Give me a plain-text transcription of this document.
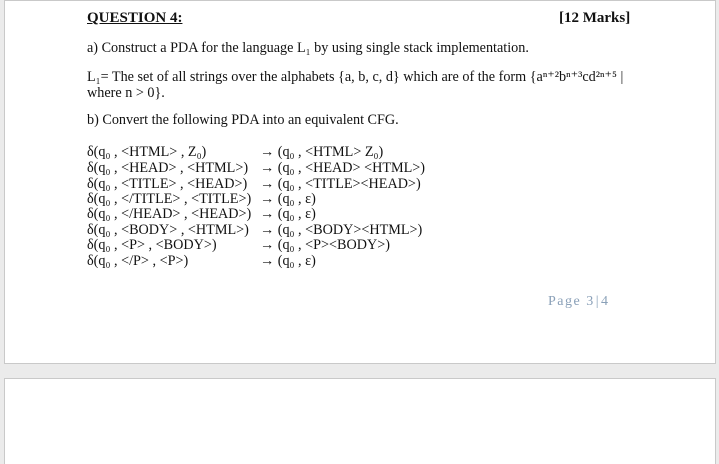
QUESTION 4:	[12 Marks]
a) Construct a PDA for the language L₁ by using single stack implementation.
L₁= The set of all strings over the alphabets {a, b, c, d} which are of the form {aⁿ⁺²bⁿ⁺³cd²ⁿ⁺⁵ |
where n > 0}.
b) Convert the following PDA into an equivalent CFG.
δ(q₀ , <HTML> , Z₀)	→ (q₀ , <HTML> Z₀)
δ(q₀ , <HEAD> , <HTML>) → (q₀ , <HEAD> <HTML>)
δ(q₀ , <TITLE> , <HEAD>) → (q₀ , <TITLE><HEAD>)
δ(q₀ , </TITLE> , <TITLE>) → (q₀ , ε)
δ(q₀ , </HEAD> , <HEAD>) → (q₀ , ε)
δ(q₀ , <BODY> , <HTML>) → (q₀ , <BODY><HTML>)
δ(q₀ , <P> , <BODY>)	→ (q₀ , <P><BODY>)
δ(q₀ , </P> , <P>)	→ (q₀ , ε)
Page 3|4
